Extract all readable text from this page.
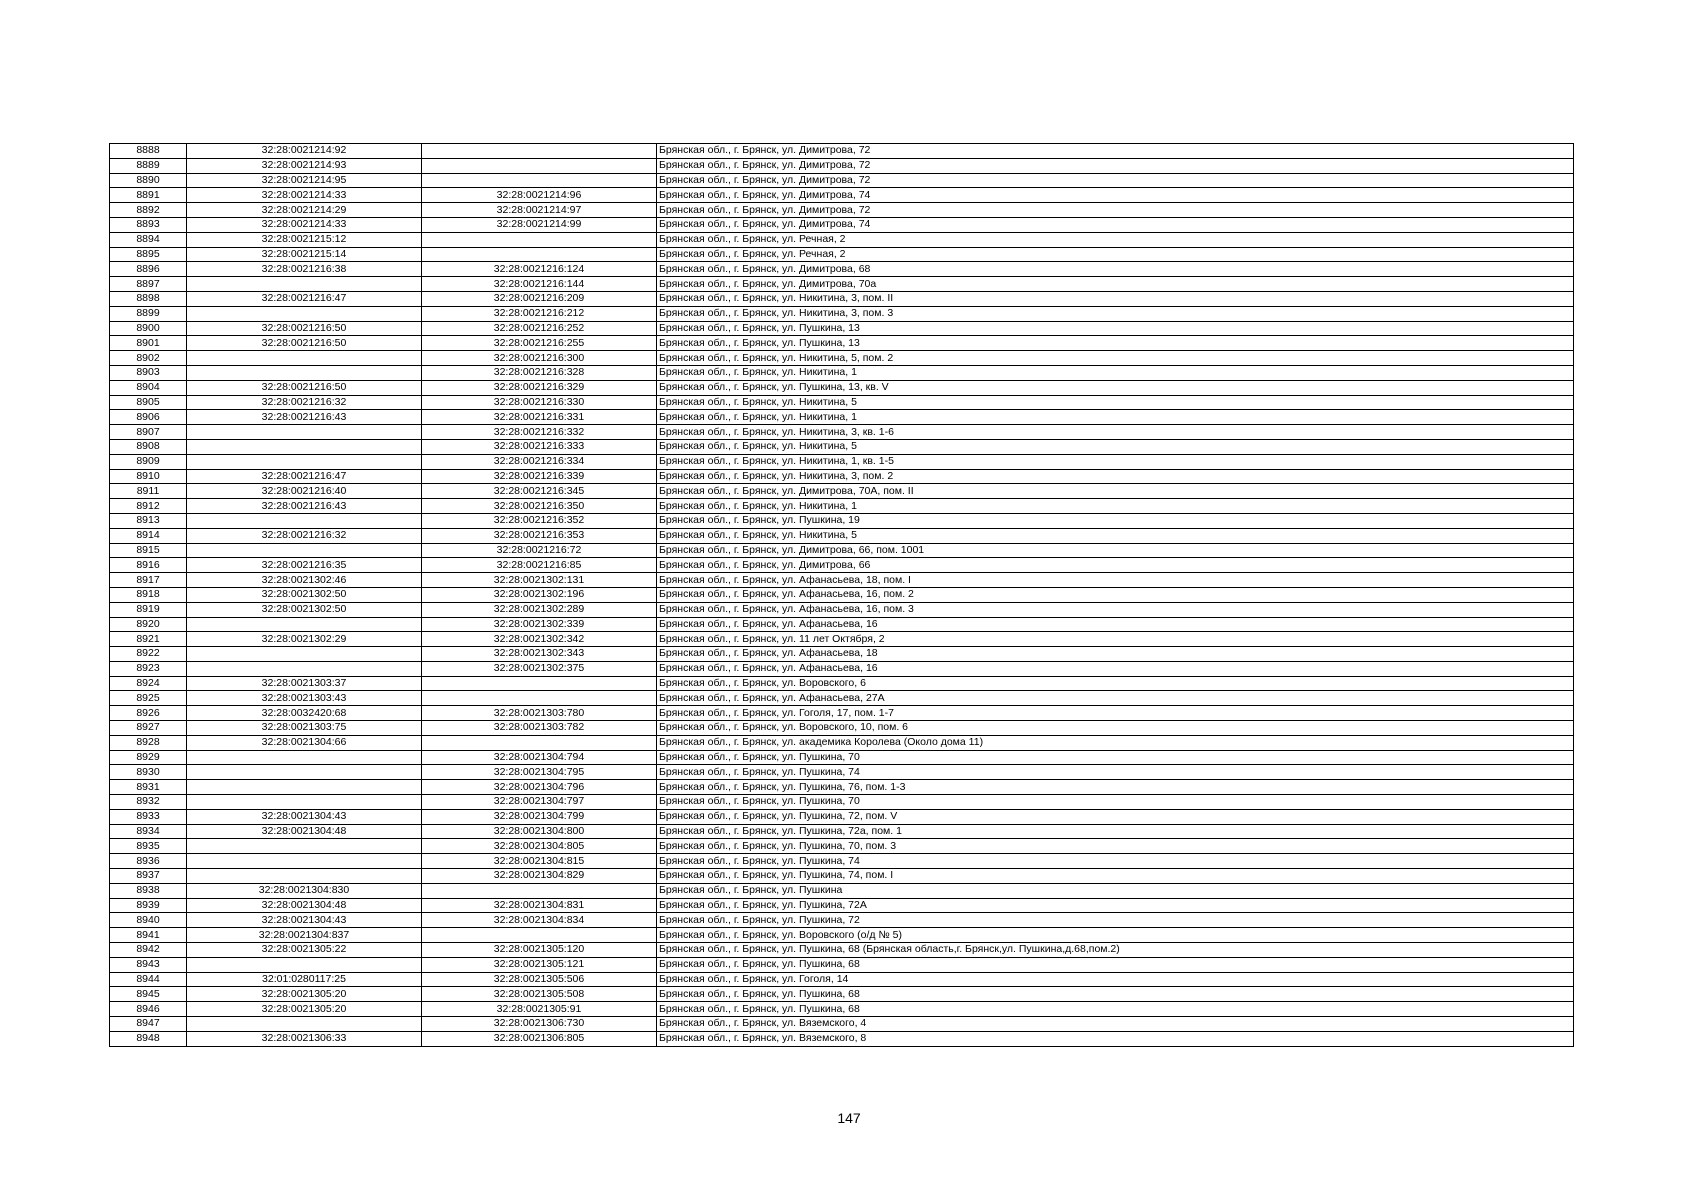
8888	32:28:0021214:92		Брянская обл., г. Брянск, ул. Димитрова, 72
8889	32:28:0021214:93		Брянская обл., г. Брянск, ул. Димитрова, 72
8890	32:28:0021214:95		Брянская обл., г. Брянск, ул. Димитрова, 72
8891	32:28:0021214:33	32:28:0021214:96	Брянская обл., г. Брянск, ул. Димитрова, 74
8892	32:28:0021214:29	32:28:0021214:97	Брянская обл., г. Брянск, ул. Димитрова, 72
8893	32:28:0021214:33	32:28:0021214:99	Брянская обл., г. Брянск, ул. Димитрова, 74
8894	32:28:0021215:12		Брянская обл., г. Брянск, ул. Речная, 2
8895	32:28:0021215:14		Брянская обл., г. Брянск, ул. Речная, 2
8896	32:28:0021216:38	32:28:0021216:124	Брянская обл., г. Брянск, ул. Димитрова, 68
8897		32:28:0021216:144	Брянская обл., г. Брянск, ул. Димитрова, 70а
8898	32:28:0021216:47	32:28:0021216:209	Брянская обл., г. Брянск, ул. Никитина, 3, пом. II
8899		32:28:0021216:212	Брянская обл., г. Брянск, ул. Никитина, 3, пом. 3
8900	32:28:0021216:50	32:28:0021216:252	Брянская обл., г. Брянск, ул. Пушкина, 13
8901	32:28:0021216:50	32:28:0021216:255	Брянская обл., г. Брянск, ул. Пушкина, 13
8902		32:28:0021216:300	Брянская обл., г. Брянск, ул. Никитина, 5, пом. 2
8903		32:28:0021216:328	Брянская обл., г. Брянск, ул. Никитина, 1
8904	32:28:0021216:50	32:28:0021216:329	Брянская обл., г. Брянск, ул. Пушкина, 13, кв. V
8905	32:28:0021216:32	32:28:0021216:330	Брянская обл., г. Брянск, ул. Никитина, 5
8906	32:28:0021216:43	32:28:0021216:331	Брянская обл., г. Брянск, ул. Никитина, 1
8907		32:28:0021216:332	Брянская обл., г. Брянск, ул. Никитина, 3, кв. 1-6
8908		32:28:0021216:333	Брянская обл., г. Брянск, ул. Никитина, 5
8909		32:28:0021216:334	Брянская обл., г. Брянск, ул. Никитина, 1, кв. 1-5
8910	32:28:0021216:47	32:28:0021216:339	Брянская обл., г. Брянск, ул. Никитина, 3, пом. 2
8911	32:28:0021216:40	32:28:0021216:345	Брянская обл., г. Брянск, ул. Димитрова, 70А, пом. II
8912	32:28:0021216:43	32:28:0021216:350	Брянская обл., г. Брянск, ул. Никитина, 1
8913		32:28:0021216:352	Брянская обл., г. Брянск, ул. Пушкина, 19
8914	32:28:0021216:32	32:28:0021216:353	Брянская обл., г. Брянск, ул. Никитина, 5
8915		32:28:0021216:72	Брянская обл., г. Брянск, ул. Димитрова, 66, пом. 1001
8916	32:28:0021216:35	32:28:0021216:85	Брянская обл., г. Брянск, ул. Димитрова, 66
8917	32:28:0021302:46	32:28:0021302:131	Брянская обл., г. Брянск, ул. Афанасьева, 18, пом. I
8918	32:28:0021302:50	32:28:0021302:196	Брянская обл., г. Брянск, ул. Афанасьева, 16, пом. 2
8919	32:28:0021302:50	32:28:0021302:289	Брянская обл., г. Брянск, ул. Афанасьева, 16, пом. 3
8920		32:28:0021302:339	Брянская обл., г. Брянск, ул. Афанасьева, 16
8921	32:28:0021302:29	32:28:0021302:342	Брянская обл., г. Брянск, ул. 11 лет Октября, 2
8922		32:28:0021302:343	Брянская обл., г. Брянск, ул. Афанасьева, 18
8923		32:28:0021302:375	Брянская обл., г. Брянск, ул. Афанасьева, 16
8924	32:28:0021303:37		Брянская обл., г. Брянск, ул. Воровского, 6
8925	32:28:0021303:43		Брянская обл., г. Брянск, ул. Афанасьева, 27А
8926	32:28:0032420:68	32:28:0021303:780	Брянская обл., г. Брянск, ул. Гоголя, 17, пом. 1-7
8927	32:28:0021303:75	32:28:0021303:782	Брянская обл., г. Брянск, ул. Воровского, 10, пом. 6
8928	32:28:0021304:66		Брянская обл., г. Брянск, ул. академика Королева (Около дома 11)
8929		32:28:0021304:794	Брянская обл., г. Брянск, ул. Пушкина, 70
8930		32:28:0021304:795	Брянская обл., г. Брянск, ул. Пушкина, 74
8931		32:28:0021304:796	Брянская обл., г. Брянск, ул. Пушкина, 76, пом. 1-3
8932		32:28:0021304:797	Брянская обл., г. Брянск, ул. Пушкина, 70
8933	32:28:0021304:43	32:28:0021304:799	Брянская обл., г. Брянск, ул. Пушкина, 72, пом. V
8934	32:28:0021304:48	32:28:0021304:800	Брянская обл., г. Брянск, ул. Пушкина, 72а, пом. 1
8935		32:28:0021304:805	Брянская обл., г. Брянск, ул. Пушкина, 70, пом. 3
8936		32:28:0021304:815	Брянская обл., г. Брянск, ул. Пушкина, 74
8937		32:28:0021304:829	Брянская обл., г. Брянск, ул. Пушкина, 74, пом. I
8938	32:28:0021304:830		Брянская обл., г. Брянск, ул. Пушкина
8939	32:28:0021304:48	32:28:0021304:831	Брянская обл., г. Брянск, ул. Пушкина, 72А
8940	32:28:0021304:43	32:28:0021304:834	Брянская обл., г. Брянск, ул. Пушкина, 72
8941	32:28:0021304:837		Брянская обл., г. Брянск, ул. Воровского (о/д № 5)
8942	32:28:0021305:22	32:28:0021305:120	Брянская обл., г. Брянск, ул. Пушкина, 68 (Брянская область,г. Брянск,ул. Пушкина,д.68,пом.2)
8943		32:28:0021305:121	Брянская обл., г. Брянск, ул. Пушкина, 68
8944	32:01:0280117:25	32:28:0021305:506	Брянская обл., г. Брянск, ул. Гоголя, 14
8945	32:28:0021305:20	32:28:0021305:508	Брянская обл., г. Брянск, ул. Пушкина, 68
8946	32:28:0021305:20	32:28:0021305:91	Брянская обл., г. Брянск, ул. Пушкина, 68
8947		32:28:0021306:730	Брянская обл., г. Брянск, ул. Вяземского, 4
8948	32:28:0021306:33	32:28:0021306:805	Брянская обл., г. Брянск, ул. Вяземского, 8
147
